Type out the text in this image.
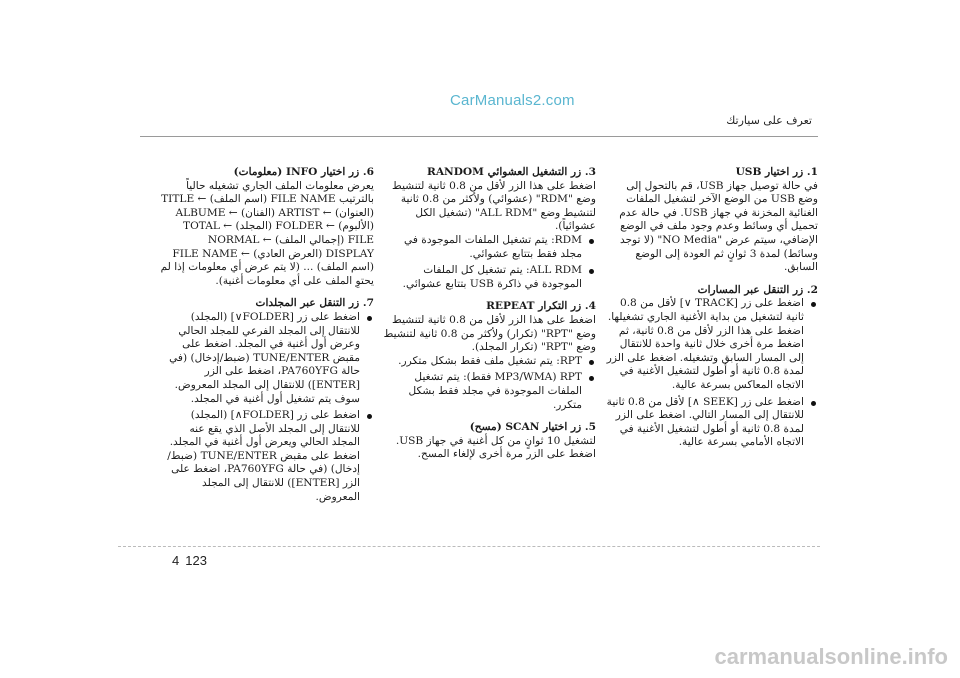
CarManuals2.com
تعرف على سيارتك
1. زر اختيار USB
في حالة توصيل جهاز USB، قم بالتحول إلى وضع USB من الوضع الآخر لتشغيل الملفات الغنائية المخزنة في جهاز USB. في حالة عدم تحميل أي وسائط وعدم وجود ملف في الوضع الإضافي، سيتم عرض "NO Media" (لا توجد وسائط) لمدة 3 ثوانٍ ثم العودة إلى الوضع السابق.
2. زر التنقل عبر المسارات
اضغط على زر [TRACK ∨] لأقل من 0.8 ثانية لتشغيل من بداية الأغنية الجاري تشغيلها. اضغط على هذا الزر لأقل من 0.8 ثانية، ثم اضغط مرة أخرى خلال ثانية واحدة للانتقال إلى المسار السابق وتشغيله. اضغط على الزر لمدة 0.8 ثانية أو أطول لتشغيل الأغنية في الاتجاه المعاكس بسرعة عالية.
اضغط على زر [SEEK ∧] لأقل من 0.8 ثانية للانتقال إلى المسار التالي. اضغط على الزر لمدة 0.8 ثانية أو أطول لتشغيل الأغنية في الاتجاه الأمامي بسرعة عالية.
3. زر التشغيل العشوائي RANDOM
اضغط على هذا الزر لأقل من 0.8 ثانية لتنشيط وضع "RDM" (عشوائي) ولأكثر من 0.8 ثانية لتنشيط وضع "ALL RDM" (تشغيل الكل عشوائياً).
RDM: يتم تشغيل الملفات الموجودة في مجلد فقط بتتابع عشوائي.
ALL RDM: يتم تشغيل كل الملفات الموجودة في ذاكرة USB بتتابع عشوائي.
4. زر التكرار REPEAT
اضغط على هذا الزر لأقل من 0.8 ثانية لتنشيط وضع "RPT" (تكرار) ولأكثر من 0.8 ثانية لتنشيط وضع "RPT" (تكرار المجلد).
RPT: يتم تشغيل ملف فقط بشكل متكرر.
RPT (MP3/WMA فقط): يتم تشغيل الملفات الموجودة في مجلد فقط بشكل متكرر.
5. زر اختيار SCAN (مسح)
لتشغيل 10 ثوانٍ من كل أغنية في جهاز USB. اضغط على الزر مرة أخرى لإلغاء المسح.
6. زر اختيار INFO (معلومات)
يعرض معلومات الملف الجاري تشغيله حالياً بالترتيب FILE NAME (اسم الملف) ← TITLE (العنوان) ← ARTIST (الفنان) ← ALBUME (الألبوم) ← FOLDER (المجلد) ← TOTAL FILE (إجمالي الملف) ← NORMAL DISPLAY (العرض العادي) ← FILE NAME (اسم الملف) ... (لا يتم عرض أي معلومات إذا لم يحتوِ الملف على أي معلومات أغنية).
7. زر التنقل عبر المجلدات
اضغط على زر [FOLDER∨] (المجلد) للانتقال إلى المجلد الفرعي للمجلد الحالي وعرض أول أغنية في المجلد. اضغط على مقبض TUNE/ENTER (ضبط/إدخال) (في حالة PA760YFG، اضغط على الزر [ENTER]) للانتقال إلى المجلد المعروض. سوف يتم تشغيل أول أغنية في المجلد.
اضغط على زر [FOLDER∧] (المجلد) للانتقال إلى المجلد الأصل الذي يقع عنه المجلد الحالي ويعرض أول أغنية في المجلد. اضغط على مقبض TUNE/ENTER (ضبط/إدخال) (في حالة PA760YFG، اضغط على الزر [ENTER]) للانتقال إلى المجلد المعروض.
4 123
carmanualsonline.info
